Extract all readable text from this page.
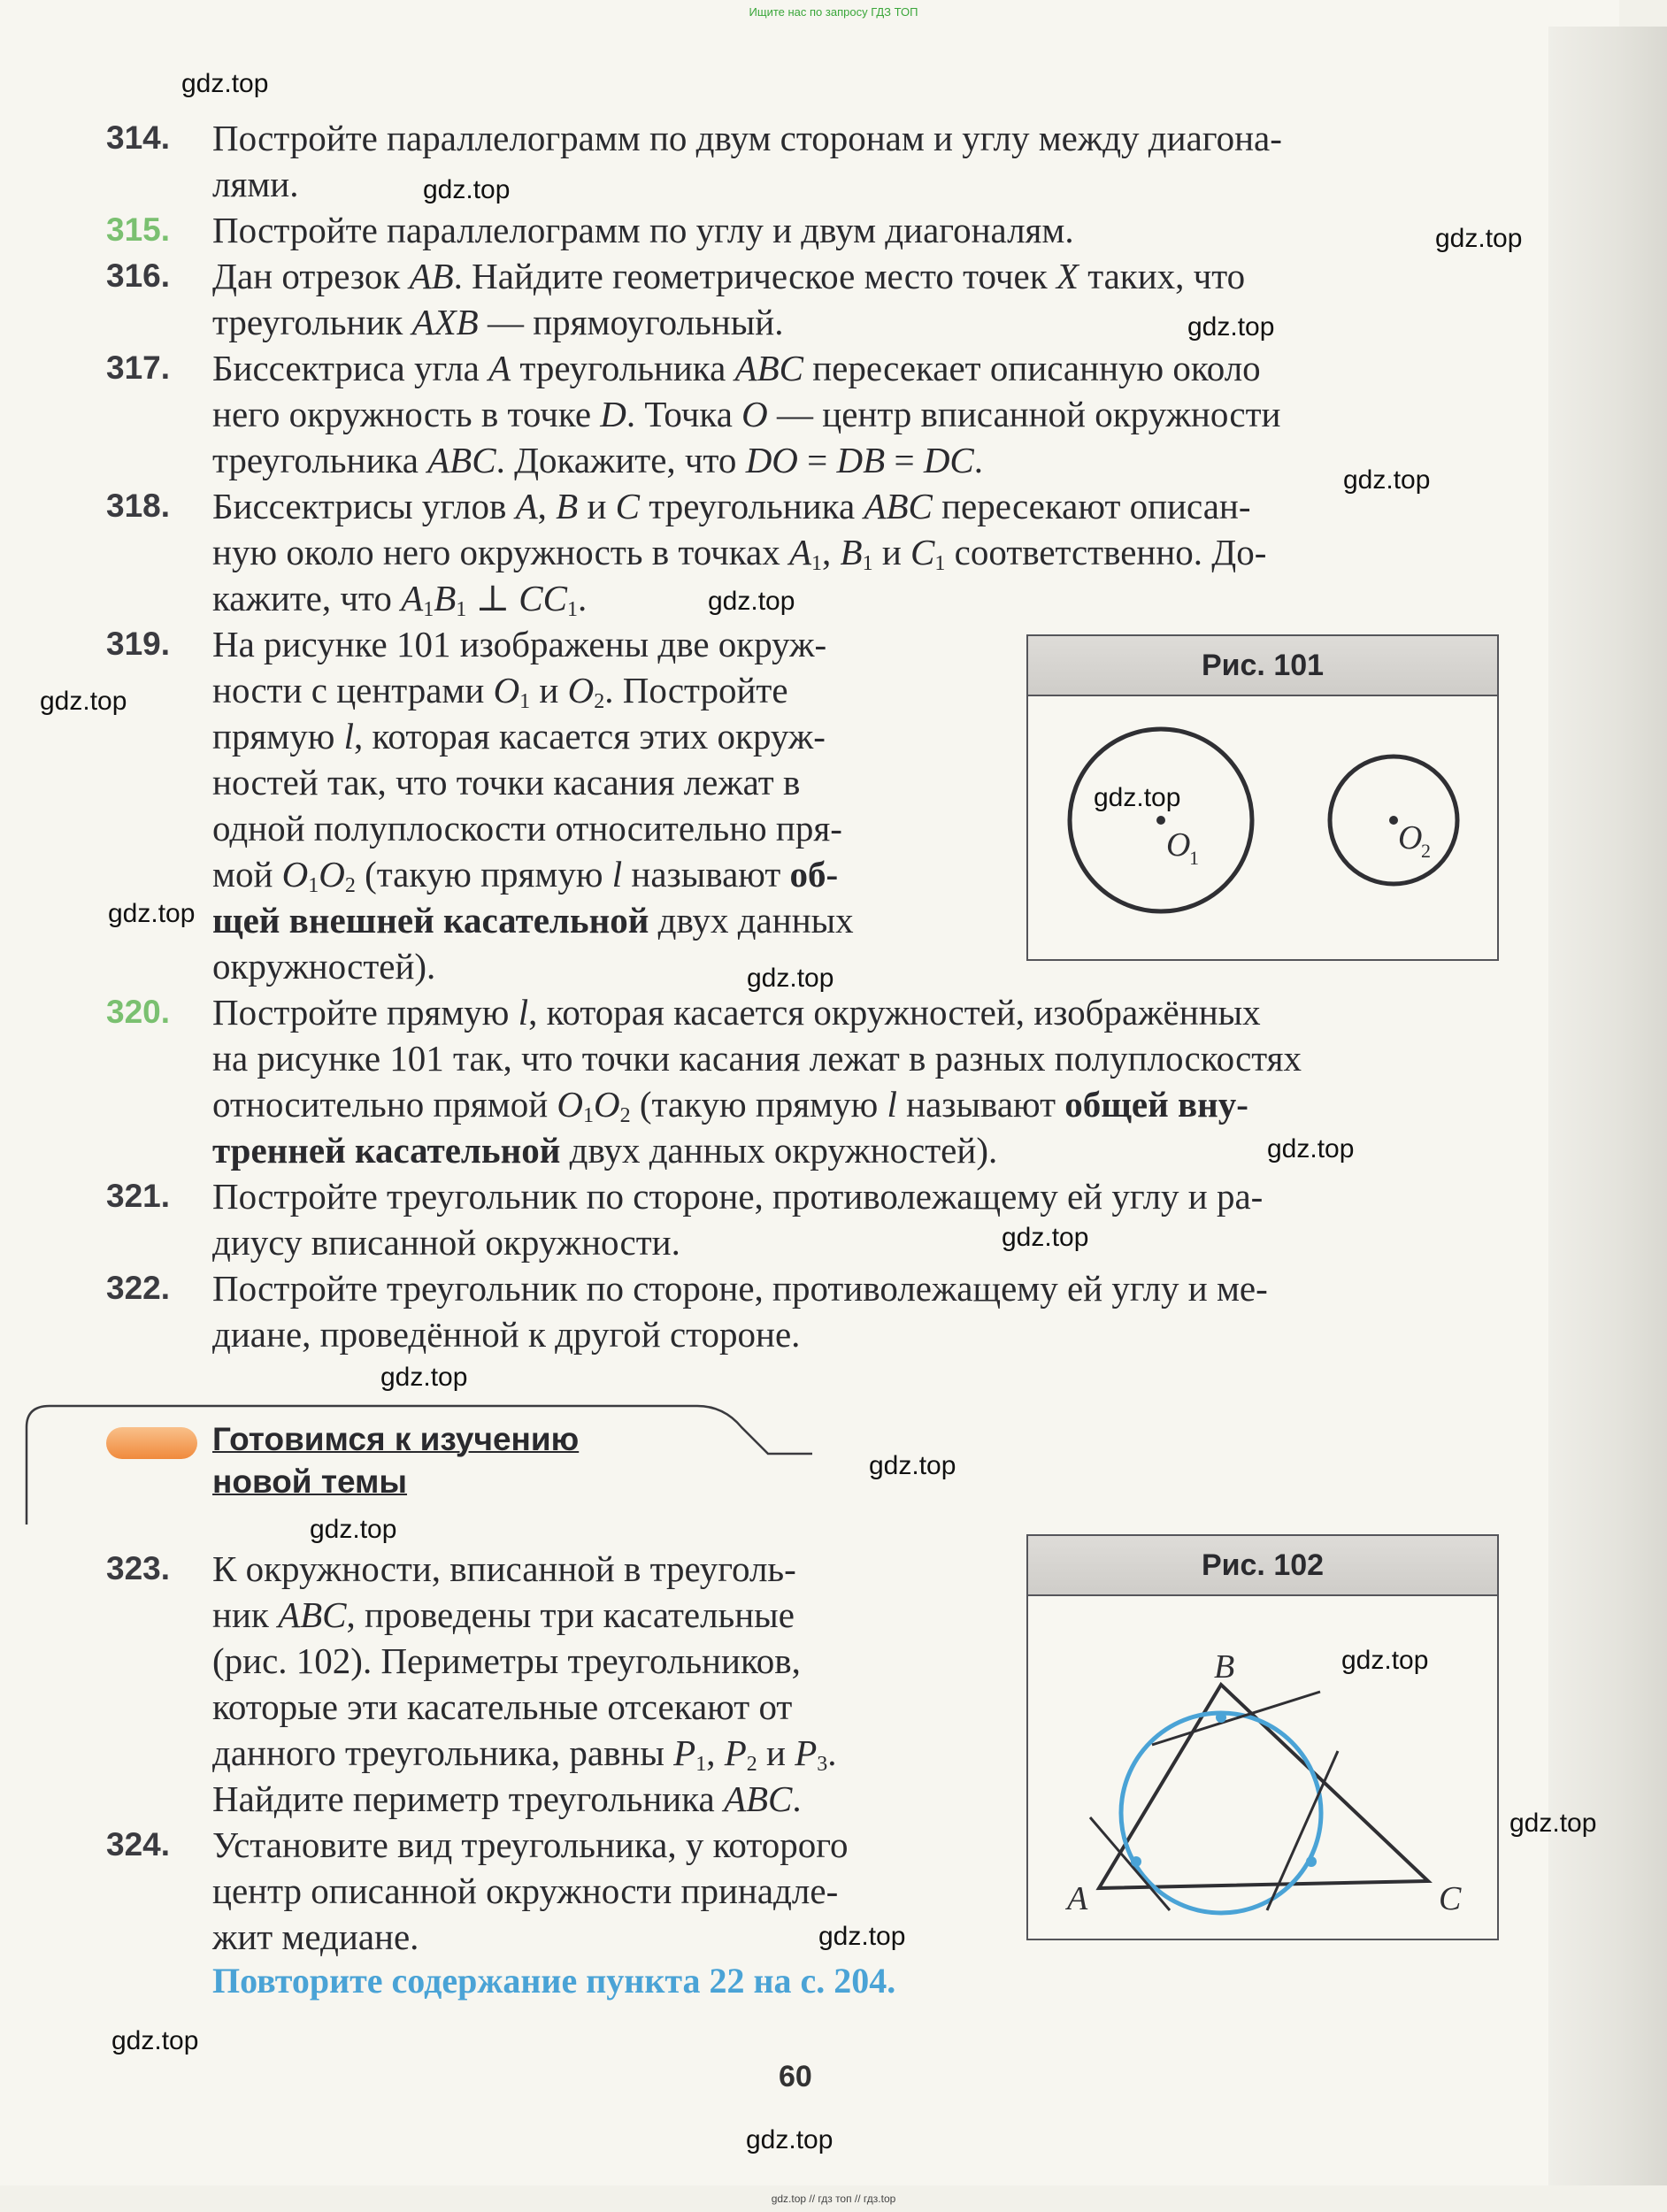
Ищите нас по запросу ГДЗ ТОП
314. Постройте параллелограмм по двум сторонам и углу между диагона-
лями.
315. Постройте параллелограмм по углу и двум диагоналям.
316. Дан отрезок AB. Найдите геометрическое место точек X таких, что
треугольник AXB — прямоугольный.
317. Биссектриса угла A треугольника ABC пересекает описанную около
него окружность в точке D. Точка O — центр вписанной окружности
треугольника ABC. Докажите, что DO = DB = DC.
318. Биссектрисы углов A, B и C треугольника ABC пересекают описан-
ную около него окружность в точках $A_1$, $B_1$ и $C_1$ соответственно. До-
кажите, что $A_1B_1$ ⊥ $CC_1$.
319. На рисунке 101 изображены две окруж-
ности с центрами $O_1$ и $O_2$. Постройте
прямую l, которая касается этих окруж-
ностей так, что точки касания лежат в
одной полуплоскости относительно пря-
мой $O_1O_2$ (такую прямую l называют об-
щей внешней касательной двух данных
окружностей).
Рис. 101
O
1
O
2
320. Постройте прямую l, которая касается окружностей, изображённых
на рисунке 101 так, что точки касания лежат в разных полуплоскостях
относительно прямой $O_1O_2$ (такую прямую l называют общей вну-
тренней касательной двух данных окружностей).
321. Постройте треугольник по стороне, противолежащему ей углу и ра-
диусу вписанной окружности.
322. Постройте треугольник по стороне, противолежащему ей углу и ме-
диане, проведённой к другой стороне.
Готовимся к изучению
новой темы
323. К окружности, вписанной в треуголь-
ник ABC, проведены три касательные
(рис. 102). Периметры треугольников,
которые эти касательные отсекают от
данного треугольника, равны $P_1$, $P_2$ и $P_3$.
Найдите периметр треугольника ABC.
Рис. 102
B
A	C
324. Установите вид треугольника, у которого
центр описанной окружности принадле-
жит медиане.
Повторите содержание пункта 22 на с. 204.
60
gdz.top // гдз топ // гдз.top
gdz.top
gdz.top
gdz.top
gdz.top
gdz.top
gdz.top
gdz.top
gdz.top
gdz.top
gdz.top
gdz.top
gdz.top
gdz.top
gdz.top
gdz.top
gdz.top
gdz.top
gdz.top
gdz.top
gdz.top
